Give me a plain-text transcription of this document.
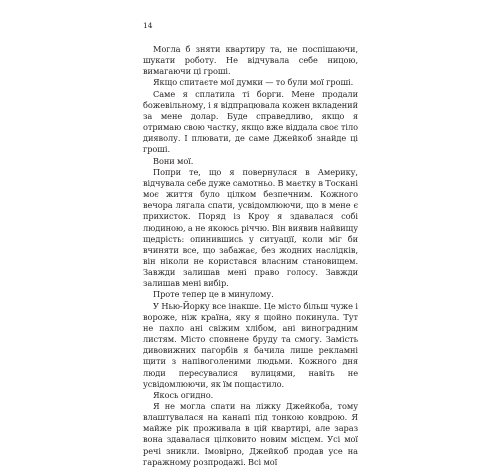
14

Могла б зняти квартиру та, не поспішаючи, шукати роботу. Не відчувала себе ницою, вимагаючи ці гроші.

Якщо спитаєте мої думки — то були мої гроші.

Саме я сплатила ті борги. Мене продали божевільному, і я відпрацювала кожен вкладений за мене долар. Буде справедливо, якщо я отримаю свою частку, якщо вже віддала своє тіло дияволу. І плювати, де саме Джейкоб знайде ці гроші.

Вони мої.

Попри те, що я повернулася в Америку, відчувала себе дуже самотньо. В маєтку в Тоскані моє життя було цілком безпечним. Кожного вечора лягала спати, усвідомлюючи, що в мене є прихисток. Поряд із Кроу я здавалася собі людиною, а не якоюсь річчю. Він виявив найвищу щедрість: опинившись у ситуації, коли міг би вчиняти все, що забажає, без жодних наслідків, він ніколи не користався власним становищем. Завжди залишав мені право голосу. Завжди залишав мені вибір.

Проте тепер це в минулому.

У Нью-Йорку все інакше. Це місто більш чуже і вороже, ніж країна, яку я щойно покинула. Тут не пахло ані свіжим хлібом, ані виноградним листям. Місто сповнене бруду та смогу. Замість дивовижних пагорбів я бачила лише рекламні щити з напівоголеними людьми. Кожного дня люди пересувалися вулицями, навіть не усвідомлюючи, як їм пощастило.

Якось огидно.

Я не могла спати на ліжку Джейкоба, тому влаштувалася на канапі під тонкою ковдрою. Я майже рік проживала в цій квартирі, але зараз вона здавалася цілковито новим місцем. Усі мої речі зникли. Імовірно, Джейкоб продав усе на гаражному розпродажі. Всі мої
